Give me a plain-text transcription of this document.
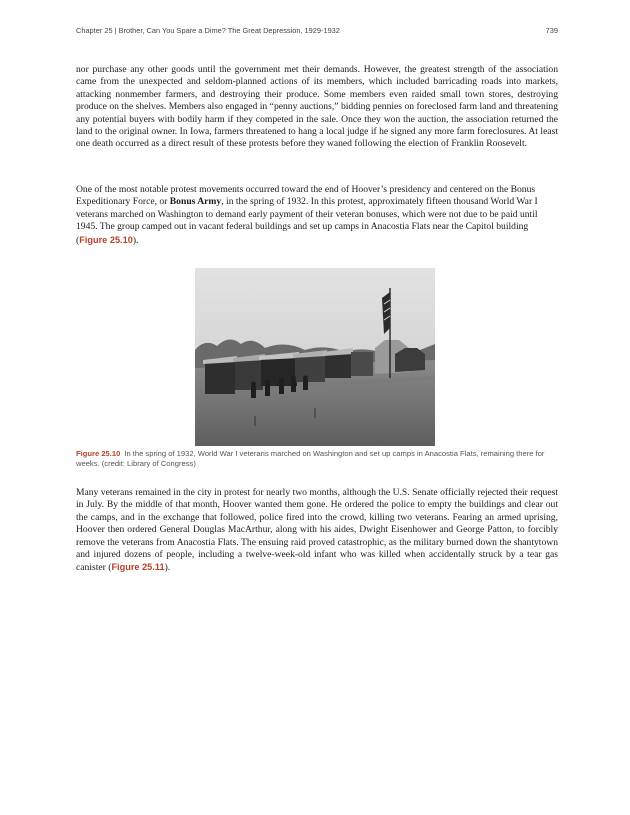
Chapter 25 | Brother, Can You Spare a Dime? The Great Depression, 1929-1932	739

nor purchase any other goods until the government met their demands. However, the greatest strength of the association came from the unexpected and seldom-planned actions of its members, which included barricading roads into markets, attacking nonmember farmers, and destroying their produce. Some members even raided small town stores, destroying produce on the shelves. Members also engaged in “penny auctions,” bidding pennies on foreclosed farm land and threatening any potential buyers with bodily harm if they competed in the sale. Once they won the auction, the association returned the land to the original owner. In Iowa, farmers threatened to hang a local judge if he signed any more farm foreclosures. At least one death occurred as a direct result of these protests before they waned following the election of Franklin Roosevelt.

One of the most notable protest movements occurred toward the end of Hoover’s presidency and centered on the Bonus Expeditionary Force, or Bonus Army, in the spring of 1932. In this protest, approximately fifteen thousand World War I veterans marched on Washington to demand early payment of their veteran bonuses, which were not due to be paid until 1945. The group camped out in vacant federal buildings and set up camps in Anacostia Flats near the Capitol building (Figure 25.10).

Figure 25.10 In the spring of 1932, World War I veterans marched on Washington and set up camps in Anacostia Flats, remaining there for weeks. (credit: Library of Congress)

Many veterans remained in the city in protest for nearly two months, although the U.S. Senate officially rejected their request in July. By the middle of that month, Hoover wanted them gone. He ordered the police to empty the buildings and clear out the camps, and in the exchange that followed, police fired into the crowd, killing two veterans. Fearing an armed uprising, Hoover then ordered General Douglas MacArthur, along with his aides, Dwight Eisenhower and George Patton, to forcibly remove the veterans from Anacostia Flats. The ensuing raid proved catastrophic, as the military burned down the shantytown and injured dozens of people, including a twelve-week-old infant who was killed when accidentally struck by a tear gas canister (Figure 25.11).
